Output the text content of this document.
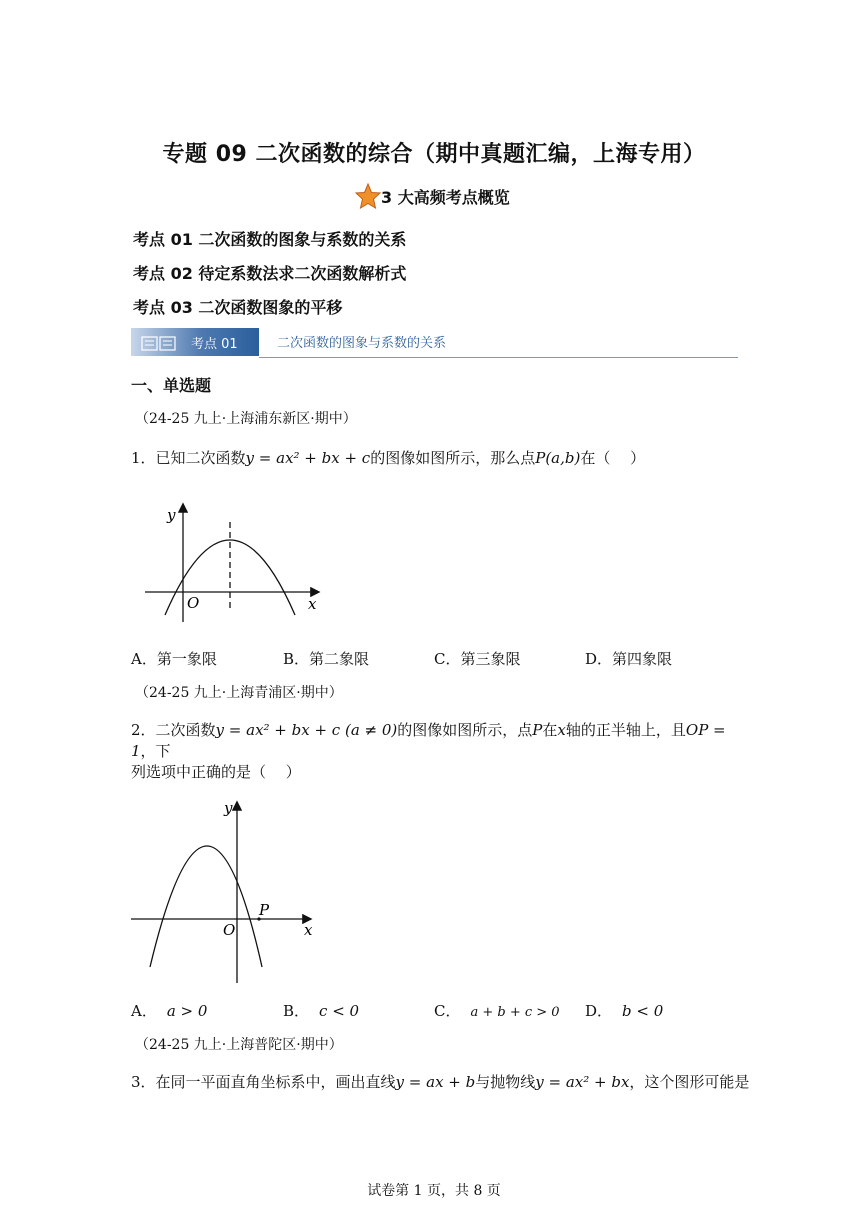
专题 09 二次函数的综合（期中真题汇编，上海专用）
3 大高频考点概览
考点 01 二次函数的图象与系数的关系
考点 02 待定系数法求二次函数解析式
考点 03 二次函数图象的平移
考点 01	二次函数的图象与系数的关系
一、单选题
（24-25 九上·上海浦东新区·期中）
1．已知二次函数y = ax² + bx + c的图像如图所示，那么点P(a,b)在（　 ）
y
x
O
A．第一象限	B．第二象限	C．第三象限	D．第四象限
（24-25 九上·上海青浦区·期中）
2．二次函数y = ax² + bx + c (a ≠ 0)的图像如图所示，点P在x轴的正半轴上，且OP = 1，下
列选项中正确的是（　 ）
y
x
O
P
A． a > 0	B． c < 0	C． a + b + c > 0 D． b < 0
（24-25 九上·上海普陀区·期中）
3．在同一平面直角坐标系中，画出直线y = ax + b与抛物线y = ax² + bx，这个图形可能是
试卷第 1 页，共 8 页
